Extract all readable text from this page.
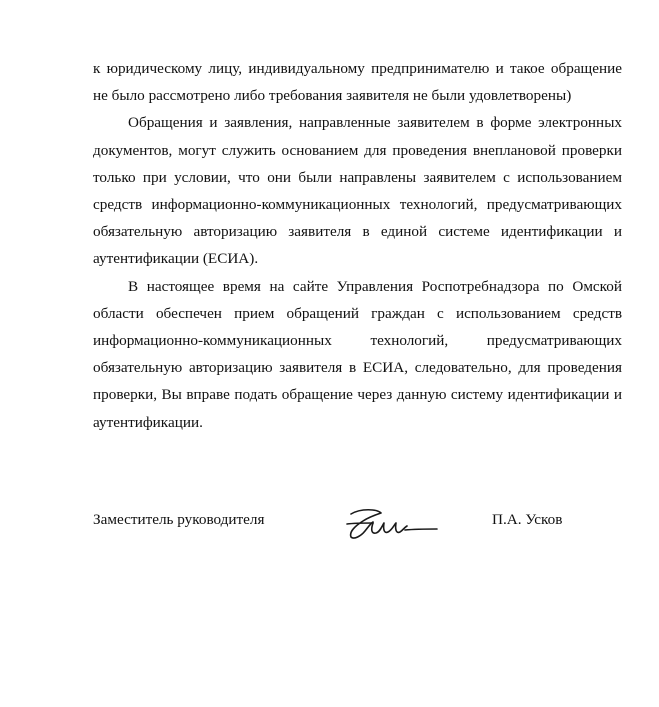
к юридическому лицу, индивидуальному предпринимателю и такое обращение не было рассмотрено либо требования заявителя не были удовлетворены)

Обращения и заявления, направленные заявителем в форме электронных документов, могут служить основанием для проведения внеплановой проверки только при условии, что они были направлены заявителем с использованием средств информационно-коммуникационных технологий, предусматривающих обязательную авторизацию заявителя в единой системе идентификации и аутентификации (ЕСИА).

В настоящее время на сайте Управления Роспотребнадзора по Омской области обеспечен прием обращений граждан с использованием средств информационно-коммуникационных технологий, предусматривающих обязательную авторизацию заявителя в ЕСИА, следовательно, для проведения проверки, Вы вправе подать обращение через данную систему идентификации и аутентификации.

Заместитель руководителя	П.А. Усков
